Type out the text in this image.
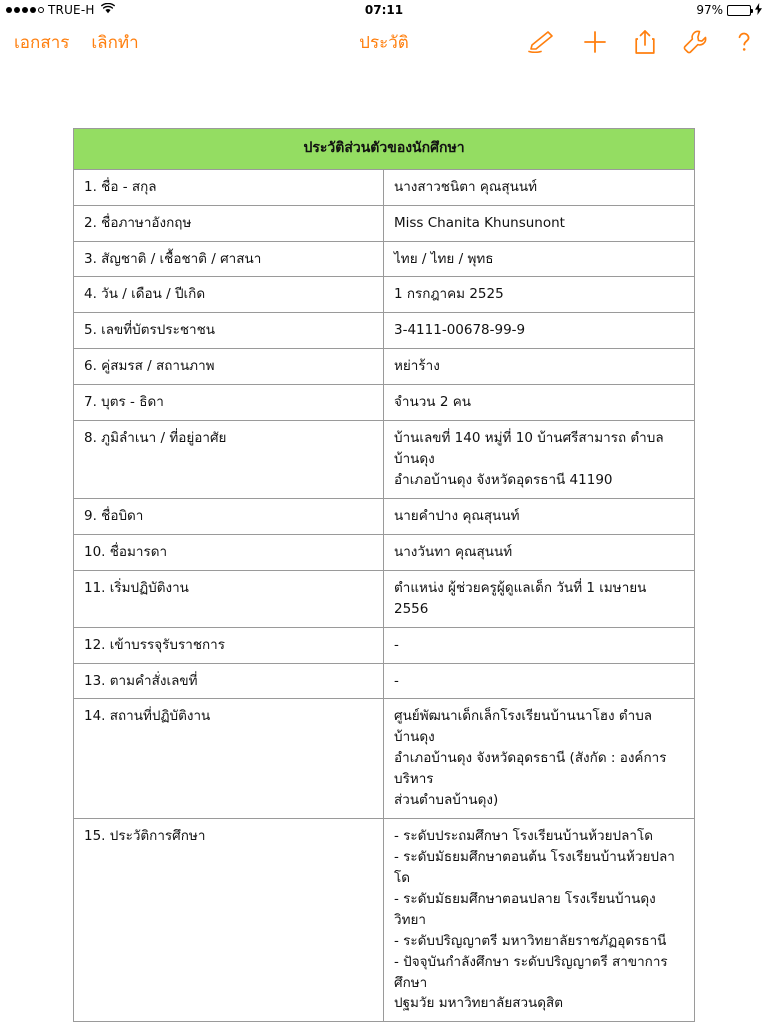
TRUE-H	07:11	97%
เอกสาร เลิกทำ	ประวัติ
ประวัติส่วนตัวของนักศึกษา	
1. ชื่อ - สกุล	นางสาวชนิตา คุณสุนนท์

2. ชื่อภาษาอังกฤษ	Miss Chanita Khunsunont

3. สัญชาติ / เชื้อชาติ / ศาสนา	ไทย / ไทย / พุทธ

4. วัน / เดือน / ปีเกิด	1 กรกฎาคม 2525

5. เลขที่บัตรประชาชน	3-4111-00678-99-9

6. คู่สมรส / สถานภาพ	หย่าร้าง

7. บุตร - ธิดา	จำนวน 2 คน

8. ภูมิลำเนา / ที่อยู่อาศัย	บ้านเลขที่ 140 หมู่ที่ 10 บ้านศรีสามารถ ตำบลบ้านดุง
อำเภอบ้านดุง จังหวัดอุดรธานี 41190

9. ชื่อบิดา	นายคำปาง คุณสุนนท์

10. ชื่อมารดา	นางวันทา คุณสุนนท์

11. เริ่มปฏิบัติงาน	ตำแหน่ง ผู้ช่วยครูผู้ดูแลเด็ก วันที่ 1 เมษายน 2556

12. เข้าบรรจุรับราชการ	-

13. ตามคำสั่งเลขที่	-

14. สถานที่ปฏิบัติงาน	ศูนย์พัฒนาเด็กเล็กโรงเรียนบ้านนาโฮง ตำบลบ้านดุง
อำเภอบ้านดุง จังหวัดอุดรธานี (สังกัด : องค์การบริหาร
ส่วนตำบลบ้านดุง)

15. ประวัติการศึกษา	- ระดับประถมศึกษา โรงเรียนบ้านห้วยปลาโด
- ระดับมัธยมศึกษาตอนต้น โรงเรียนบ้านห้วยปลาโด
- ระดับมัธยมศึกษาตอนปลาย โรงเรียนบ้านดุงวิทยา
- ระดับปริญญาตรี มหาวิทยาลัยราชภัฏอุดรธานี
- ปัจจุบันกำลังศึกษา ระดับปริญญาตรี สาขาการศึกษา
ปฐมวัย มหาวิทยาลัยสวนดุสิต
